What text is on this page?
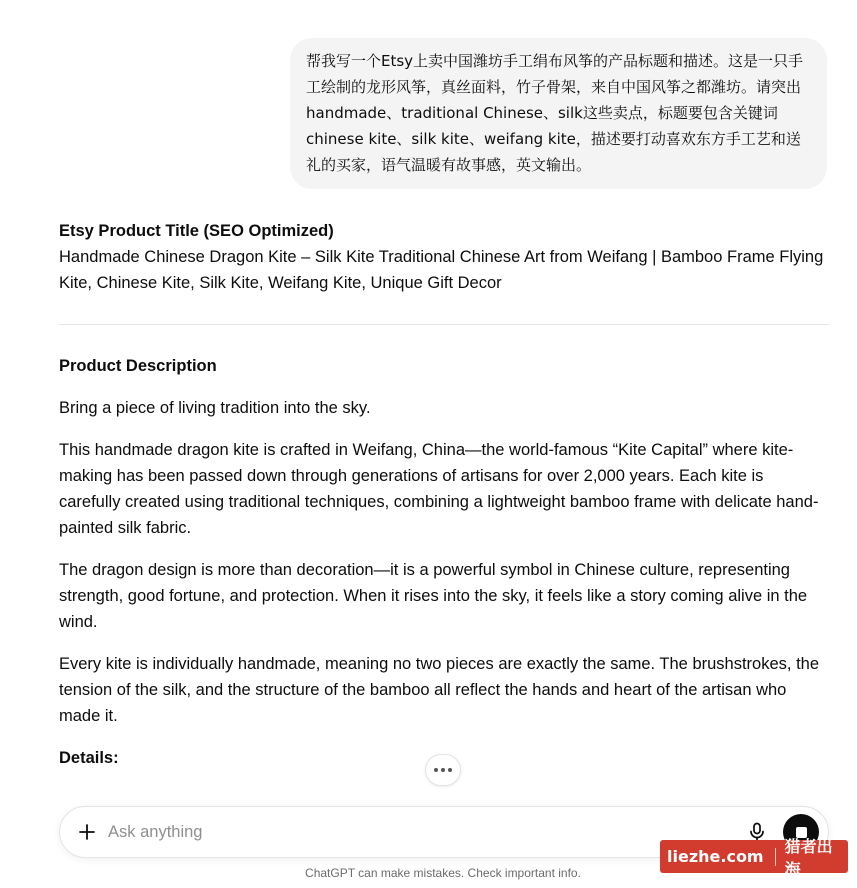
帮我写一个Etsy上卖中国潍坊手工绢布风筝的产品标题和描述。这是一只手工绘制的龙形风筝，真丝面料，竹子骨架，来自中国风筝之都潍坊。请突出handmade、traditional Chinese、silk这些卖点，标题要包含关键词chinese kite、silk kite、weifang kite，描述要打动喜欢东方手工艺和送礼的买家，语气温暖有故事感，英文输出。

Etsy Product Title (SEO Optimized)

Handmade Chinese Dragon Kite – Silk Kite Traditional Chinese Art from Weifang | Bamboo Frame Flying Kite, Chinese Kite, Silk Kite, Weifang Kite, Unique Gift Decor

Product Description

Bring a piece of living tradition into the sky.

This handmade dragon kite is crafted in Weifang, China—the world-famous “Kite Capital” where kite-making has been passed down through generations of artisans for over 2,000 years. Each kite is carefully created using traditional techniques, combining a lightweight bamboo frame with delicate hand-painted silk fabric.

The dragon design is more than decoration—it is a powerful symbol in Chinese culture, representing strength, good fortune, and protection. When it rises into the sky, it feels like a story coming alive in the wind.

Every kite is individually handmade, meaning no two pieces are exactly the same. The brushstrokes, the tension of the silk, and the structure of the bamboo all reflect the hands and heart of the artisan who made it.

Details:

Ask anything
ChatGPT can make mistakes. Check important info.
liezhe.com
猎者出海
